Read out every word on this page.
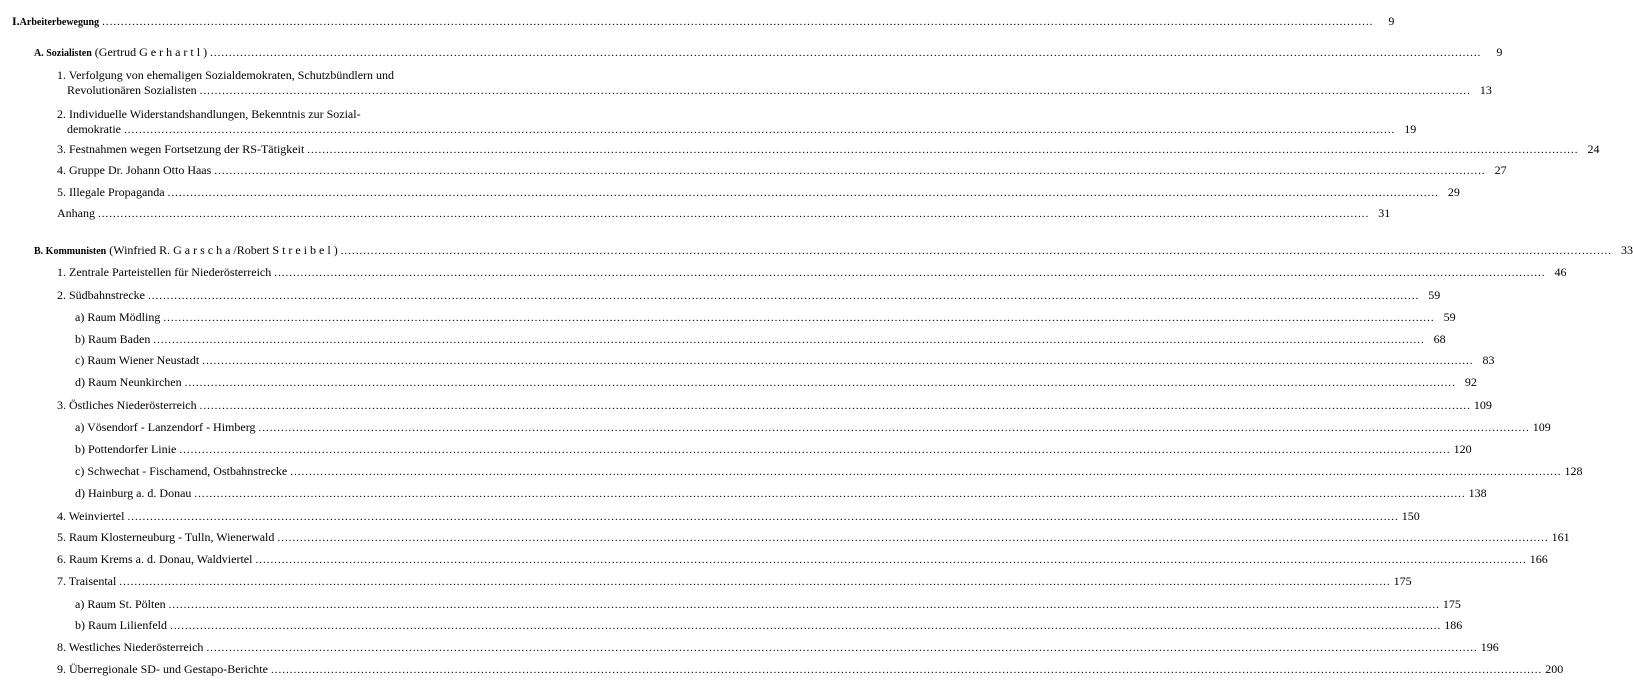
I. Arbeiterbewegung .....	9
A. Sozialisten (Gertrud Gerhartl) .....	9
1. Verfolgung von ehemaligen Sozialdemokraten, Schutzbündlern und
Revolutionären Sozialisten .....	13
2. Individuelle Widerstandshandlungen, Bekenntnis zur Sozial-
demokratie .....	19
3. Festnahmen wegen Fortsetzung der RS-Tätigkeit .....	24
4. Gruppe Dr. Johann Otto Haas .....	27
5. Illegale Propaganda .....	29
Anhang .....	31
B. Kommunisten (Winfried R. Garscha/Robert Streibel) .....	33
1. Zentrale Parteistellen für Niederösterreich .....	46
2. Südbahnstrecke .....	59
a) Raum Mödling .....	59
b) Raum Baden .....	68
c) Raum Wiener Neustadt .....	83
d) Raum Neunkirchen .....	92
3. Östliches Niederösterreich .....	109
a) Vösendorf - Lanzendorf - Himberg .....	109
b) Pottendorfer Linie .....	120
c) Schwechat - Fischamend, Ostbahnstrecke .....	128
d) Hainburg a. d. Donau .....	138
4. Weinviertel .....	150
5. Raum Klosterneuburg - Tulln, Wienerwald .....	161
6. Raum Krems a. d. Donau, Waldviertel .....	166
7. Traisental .....	175
a) Raum St. Pölten .....	175
b) Raum Lilienfeld .....	186
8. Westliches Niederösterreich .....	196
9. Überregionale SD- und Gestapo-Berichte .....	200
